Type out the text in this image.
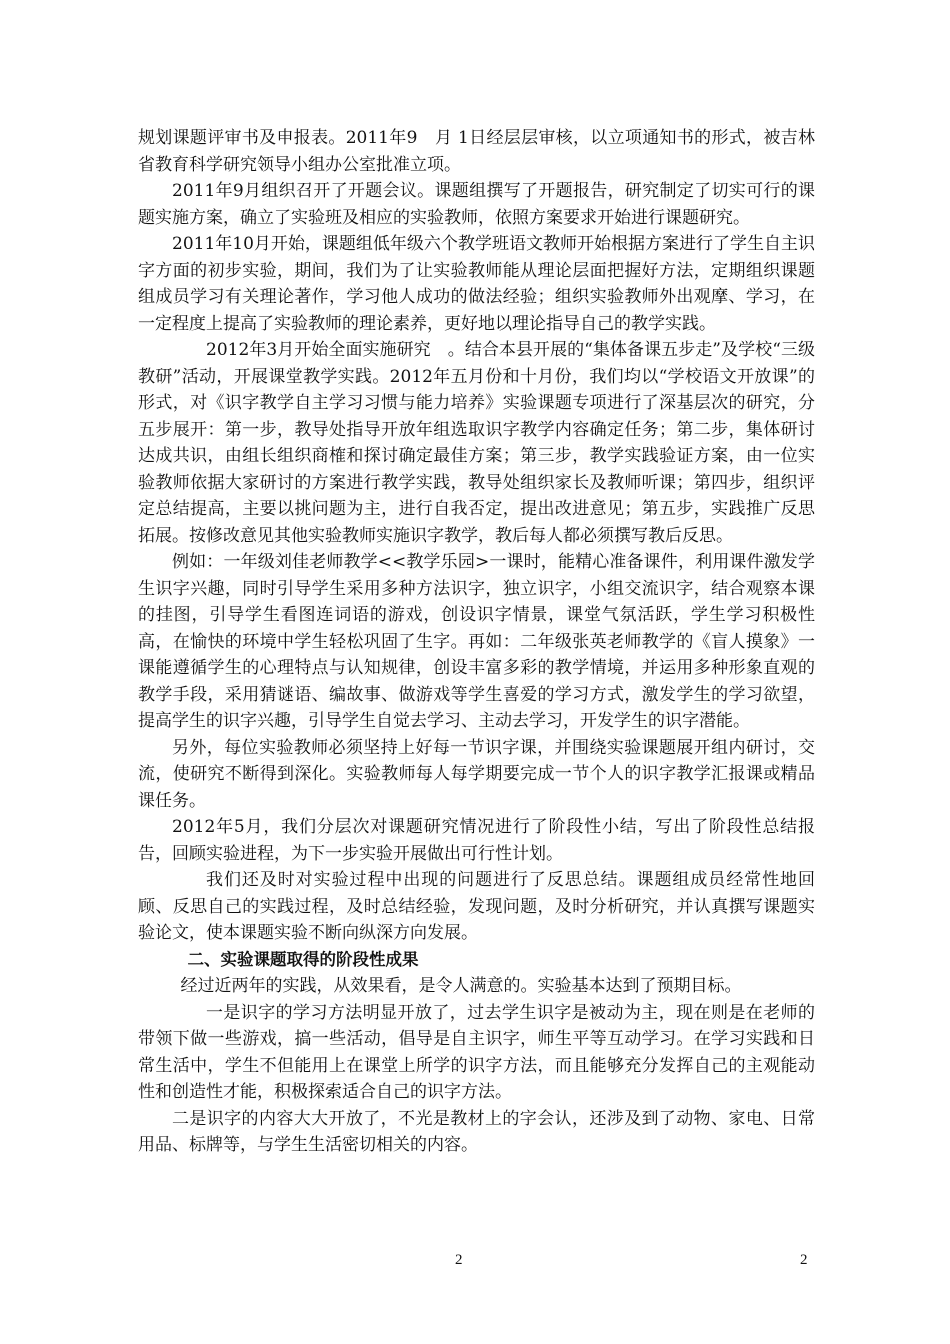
规划课题评审书及申报表。2011年9　月 1日经层层审核，以立项通知书的形式，被吉林省教育科学研究领导小组办公室批准立项。

2011年9月组织召开了开题会议。课题组撰写了开题报告，研究制定了切实可行的课题实施方案，确立了实验班及相应的实验教师，依照方案要求开始进行课题研究。

2011年10月开始，课题组低年级六个教学班语文教师开始根据方案进行了学生自主识字方面的初步实验，期间，我们为了让实验教师能从理论层面把握好方法，定期组织课题组成员学习有关理论著作，学习他人成功的做法经验；组织实验教师外出观摩、学习，在一定程度上提高了实验教师的理论素养，更好地以理论指导自己的教学实践。

2012年3月开始全面实施研究　。结合本县开展的“集体备课五步走”及学校“三级教研”活动，开展课堂教学实践。2012年五月份和十月份，我们均以“学校语文开放课”的形式，对《识字教学自主学习习惯与能力培养》实验课题专项进行了深基层次的研究，分五步展开：第一步，教导处指导开放年组选取识字教学内容确定任务；第二步，集体研讨达成共识，由组长组织商榷和探讨确定最佳方案；第三步，教学实践验证方案，由一位实验教师依据大家研讨的方案进行教学实践，教导处组织家长及教师听课；第四步，组织评定总结提高，主要以挑问题为主，进行自我否定，提出改进意见；第五步，实践推广反思拓展。按修改意见其他实验教师实施识字教学，教后每人都必须撰写教后反思。

例如：一年级刘佳老师教学<<教学乐园>一课时，能精心准备课件，利用课件激发学生识字兴趣，同时引导学生采用多种方法识字，独立识字，小组交流识字，结合观察本课的挂图，引导学生看图连词语的游戏，创设识字情景，课堂气氛活跃，学生学习积极性高，在愉快的环境中学生轻松巩固了生字。再如：二年级张英老师教学的《盲人摸象》一课能遵循学生的心理特点与认知规律，创设丰富多彩的教学情境，并运用多种形象直观的教学手段，采用猜谜语、编故事、做游戏等学生喜爱的学习方式，激发学生的学习欲望，提高学生的识字兴趣，引导学生自觉去学习、主动去学习，开发学生的识字潜能。

另外，每位实验教师必须坚持上好每一节识字课，并围绕实验课题展开组内研讨，交流，使研究不断得到深化。实验教师每人每学期要完成一节个人的识字教学汇报课或精品课任务。

2012年5月，我们分层次对课题研究情况进行了阶段性小结，写出了阶段性总结报告，回顾实验进程，为下一步实验开展做出可行性计划。

我们还及时对实验过程中出现的问题进行了反思总结。课题组成员经常性地回顾、反思自己的实践过程，及时总结经验，发现问题，及时分析研究，并认真撰写课题实验论文，使本课题实验不断向纵深方向发展。

二、实验课题取得的阶段性成果

经过近两年的实践，从效果看，是令人满意的。实验基本达到了预期目标。

一是识字的学习方法明显开放了，过去学生识字是被动为主，现在则是在老师的带领下做一些游戏，搞一些活动，倡导是自主识字，师生平等互动学习。在学习实践和日常生活中，学生不但能用上在课堂上所学的识字方法，而且能够充分发挥自己的主观能动性和创造性才能，积极探索适合自己的识字方法。

二是识字的内容大大开放了，不光是教材上的字会认，还涉及到了动物、家电、日常用品、标牌等，与学生生活密切相关的内容。

2	2
